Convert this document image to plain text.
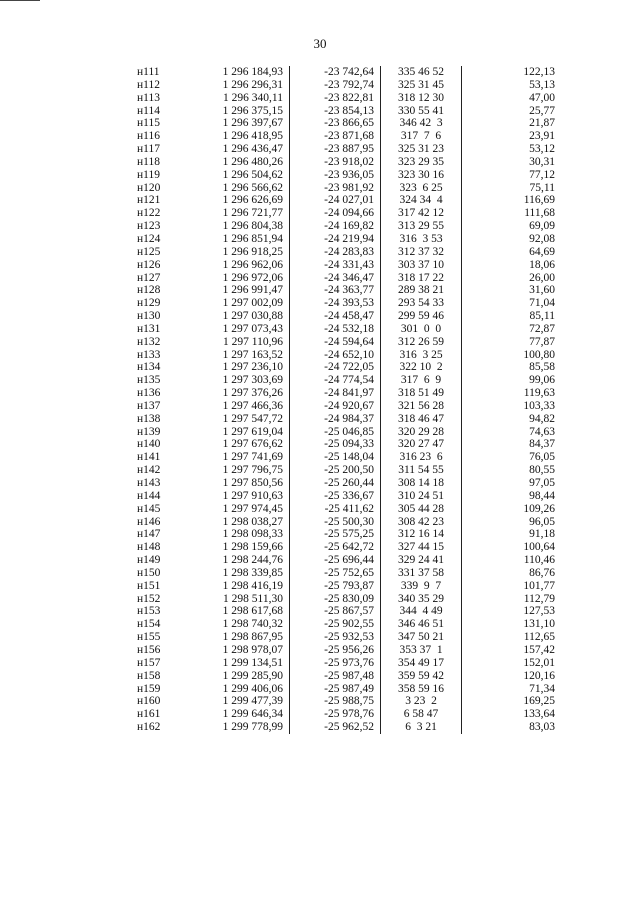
30
н111	1 296 184,93	-23 742,64	335 46 52	122,13
н112	1 296 296,31	-23 792,74	325 31 45	53,13
н113	1 296 340,11	-23 822,81	318 12 30	47,00
н114	1 296 375,15	-23 854,13	330 55 41	25,77
н115	1 296 397,67	-23 866,65	346 42  3	21,87
н116	1 296 418,95	-23 871,68	317  7  6	23,91
н117	1 296 436,47	-23 887,95	325 31 23	53,12
н118	1 296 480,26	-23 918,02	323 29 35	30,31
н119	1 296 504,62	-23 936,05	323 30 16	77,12
н120	1 296 566,62	-23 981,92	323  6 25	75,11
н121	1 296 626,69	-24 027,01	324 34  4	116,69
н122	1 296 721,77	-24 094,66	317 42 12	111,68
н123	1 296 804,38	-24 169,82	313 29 55	69,09
н124	1 296 851,94	-24 219,94	316  3 53	92,08
н125	1 296 918,25	-24 283,83	312 37 32	64,69
н126	1 296 962,06	-24 331,43	303 37 10	18,06
н127	1 296 972,06	-24 346,47	318 17 22	26,00
н128	1 296 991,47	-24 363,77	289 38 21	31,60
н129	1 297 002,09	-24 393,53	293 54 33	71,04
н130	1 297 030,88	-24 458,47	299 59 46	85,11
н131	1 297 073,43	-24 532,18	301  0  0	72,87
н132	1 297 110,96	-24 594,64	312 26 59	77,87
н133	1 297 163,52	-24 652,10	316  3 25	100,80
н134	1 297 236,10	-24 722,05	322 10  2	85,58
н135	1 297 303,69	-24 774,54	317  6  9	99,06
н136	1 297 376,26	-24 841,97	318 51 49	119,63
н137	1 297 466,36	-24 920,67	321 56 28	103,33
н138	1 297 547,72	-24 984,37	318 46 47	94,82
н139	1 297 619,04	-25 046,85	320 29 28	74,63
н140	1 297 676,62	-25 094,33	320 27 47	84,37
н141	1 297 741,69	-25 148,04	316 23  6	76,05
н142	1 297 796,75	-25 200,50	311 54 55	80,55
н143	1 297 850,56	-25 260,44	308 14 18	97,05
н144	1 297 910,63	-25 336,67	310 24 51	98,44
н145	1 297 974,45	-25 411,62	305 44 28	109,26
н146	1 298 038,27	-25 500,30	308 42 23	96,05
н147	1 298 098,33	-25 575,25	312 16 14	91,18
н148	1 298 159,66	-25 642,72	327 44 15	100,64
н149	1 298 244,76	-25 696,44	329 24 41	110,46
н150	1 298 339,85	-25 752,65	331 37 58	86,76
н151	1 298 416,19	-25 793,87	339  9  7	101,77
н152	1 298 511,30	-25 830,09	340 35 29	112,79
н153	1 298 617,68	-25 867,57	344  4 49	127,53
н154	1 298 740,32	-25 902,55	346 46 51	131,10
н155	1 298 867,95	-25 932,53	347 50 21	112,65
н156	1 298 978,07	-25 956,26	353 37  1	157,42
н157	1 299 134,51	-25 973,76	354 49 17	152,01
н158	1 299 285,90	-25 987,48	359 59 42	120,16
н159	1 299 406,06	-25 987,49	358 59 16	71,34
н160	1 299 477,39	-25 988,75	3 23  2	169,25
н161	1 299 646,34	-25 978,76	6 58 47	133,64
н162	1 299 778,99	-25 962,52	6  3 21	83,03
